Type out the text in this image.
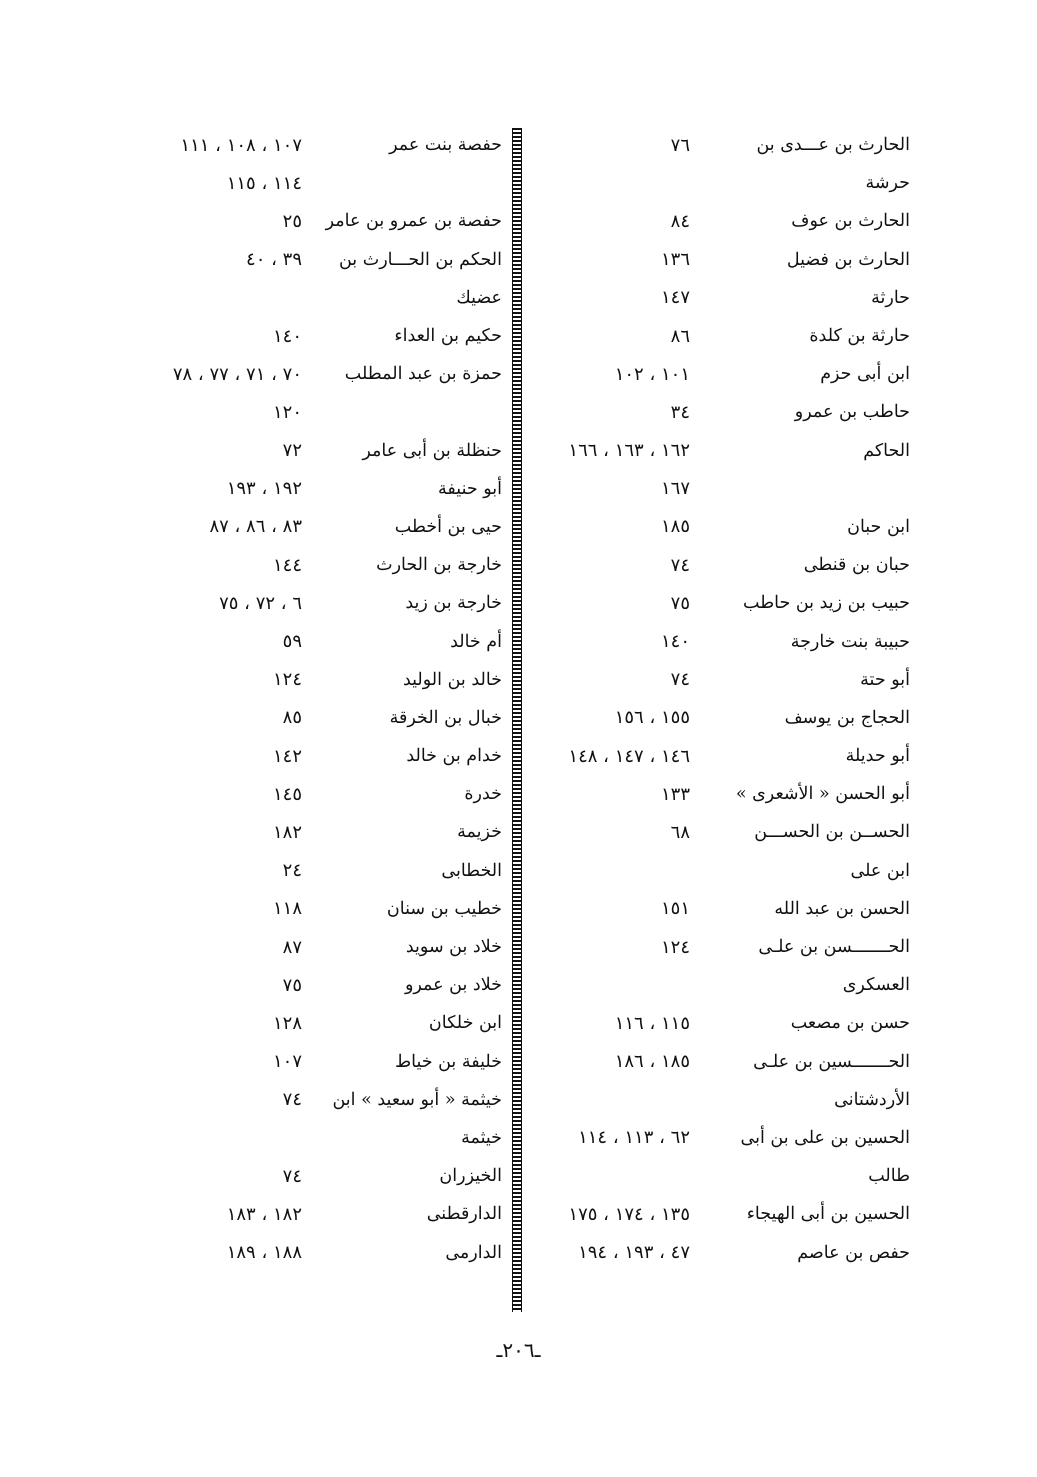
الحارث بن عـــدى بن
٧٦
حرشة
الحارث بن عوف
٨٤
الحارث بن فضيل
١٣٦
حارثة
١٤٧
حارثة بن كلدة
٨٦
ابن أبى حزم
١٠١ ، ١٠٢
حاطب بن عمرو
٣٤
الحاكم
١٦٢ ، ١٦٣ ، ١٦٦
١٦٧
ابن حبان
١٨٥
حبان بن قنطى
٧٤
حبيب بن زيد بن حاطب
٧٥
حبيبة بنت خارجة
١٤٠
أبو حتة
٧٤
الحجاج بن يوسف
١٥٥ ، ١٥٦
أبو حديلة
١٤٦ ، ١٤٧ ، ١٤٨
أبو الحسن « الأشعرى »
١٣٣
الحســن بن الحســـن
٦٨
ابن على
الحسن بن عبد الله
١٥١
الحـــــــسن بن علـى
١٢٤
العسكرى
حسن بن مصعب
١١٥ ، ١١٦
الحـــــــسين بن علـى
١٨٥ ، ١٨٦
الأردشتانى
الحسين بن على بن أبى
٦٢ ، ١١٣ ، ١١٤
طالب
الحسين بن أبى الهيجاء
١٣٥ ، ١٧٤ ، ١٧٥
حفص بن عاصم
٤٧ ، ١٩٣ ، ١٩٤
حفصة بنت عمر
١٠٧ ، ١٠٨ ، ١١١
١١٤ ، ١١٥
حفصة بن عمرو بن عامر
٢٥
الحكم بن الحـــارث بن
٣٩ ، ٤٠
عضيك
حكيم بن العداء
١٤٠
حمزة بن عبد المطلب
٧٠ ، ٧١ ، ٧٧ ، ٧٨
١٢٠
حنظلة بن أبى عامر
٧٢
أبو حنيفة
١٩٢ ، ١٩٣
حيى بن أخطب
٨٣ ، ٨٦ ، ٨٧
خارجة بن الحارث
١٤٤
خارجة بن زيد
٦ ، ٧٢ ، ٧٥
أم خالد
٥٩
خالد بن الوليد
١٢٤
خبال بن الخرقة
٨٥
خدام بن خالد
١٤٢
خدرة
١٤٥
خزيمة
١٨٢
الخطابى
٢٤
خطيب بن سنان
١١٨
خلاد بن سويد
٨٧
خلاد بن عمرو
٧٥
ابن خلكان
١٢٨
خليفة بن خياط
١٠٧
خيثمة « أبو سعيد » ابن
٧٤
خيثمة
الخيزران
٧٤
الدارقطنى
١٨٢ ، ١٨٣
الدارمى
١٨٨ ، ١٨٩
ـ٢٠٦ـ
